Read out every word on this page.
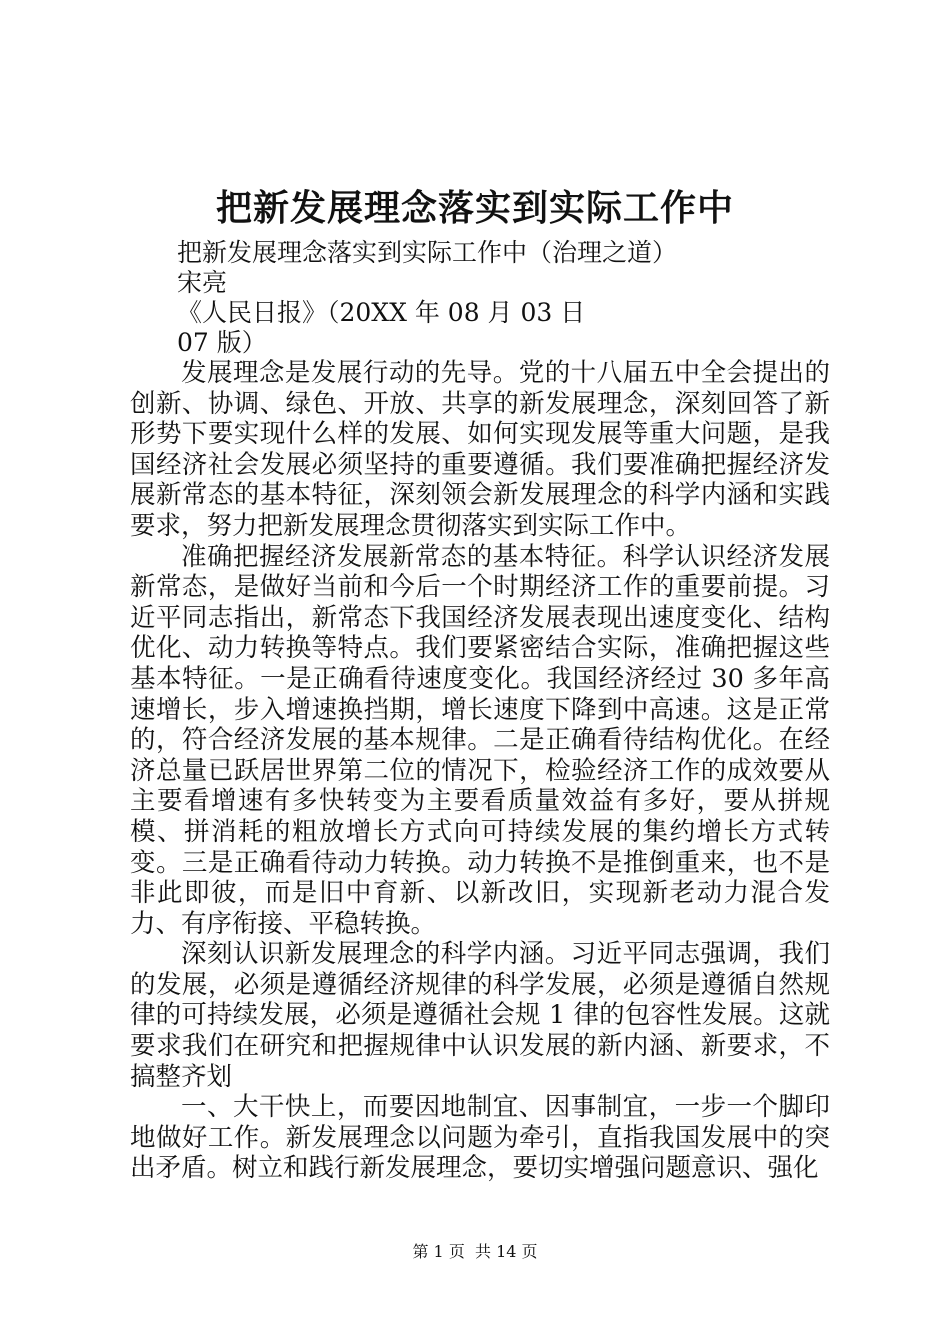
把新发展理念落实到实际工作中
把新发展理念落实到实际工作中（治理之道）
宋亮
《人民日报》（20XX 年 08 月 03 日
07 版）

发展理念是发展行动的先导。党的十八届五中全会提出的创新、协调、绿色、开放、共享的新发展理念，深刻回答了新形势下要实现什么样的发展、如何实现发展等重大问题，是我国经济社会发展必须坚持的重要遵循。我们要准确把握经济发展新常态的基本特征，深刻领会新发展理念的科学内涵和实践要求，努力把新发展理念贯彻落实到实际工作中。

准确把握经济发展新常态的基本特征。科学认识经济发展新常态，是做好当前和今后一个时期经济工作的重要前提。习近平同志指出，新常态下我国经济发展表现出速度变化、结构优化、动力转换等特点。我们要紧密结合实际，准确把握这些基本特征。一是正确看待速度变化。我国经济经过 30 多年高速增长，步入增速换挡期，增长速度下降到中高速。这是正常的，符合经济发展的基本规律。二是正确看待结构优化。在经济总量已跃居世界第二位的情况下，检验经济工作的成效要从主要看增速有多快转变为主要看质量效益有多好，要从拼规模、拼消耗的粗放增长方式向可持续发展的集约增长方式转变。三是正确看待动力转换。动力转换不是推倒重来，也不是非此即彼，而是旧中育新、以新改旧，实现新老动力混合发力、有序衔接、平稳转换。

深刻认识新发展理念的科学内涵。习近平同志强调，我们的发展，必须是遵循经济规律的科学发展，必须是遵循自然规律的可持续发展，必须是遵循社会规 1 律的包容性发展。这就要求我们在研究和把握规律中认识发展的新内涵、新要求，不搞整齐划

一、大干快上，而要因地制宜、因事制宜，一步一个脚印地做好工作。新发展理念以问题为牵引，直指我国发展中的突出矛盾。树立和践行新发展理念，要切实增强问题意识、强化

第 1 页  共 14 页
